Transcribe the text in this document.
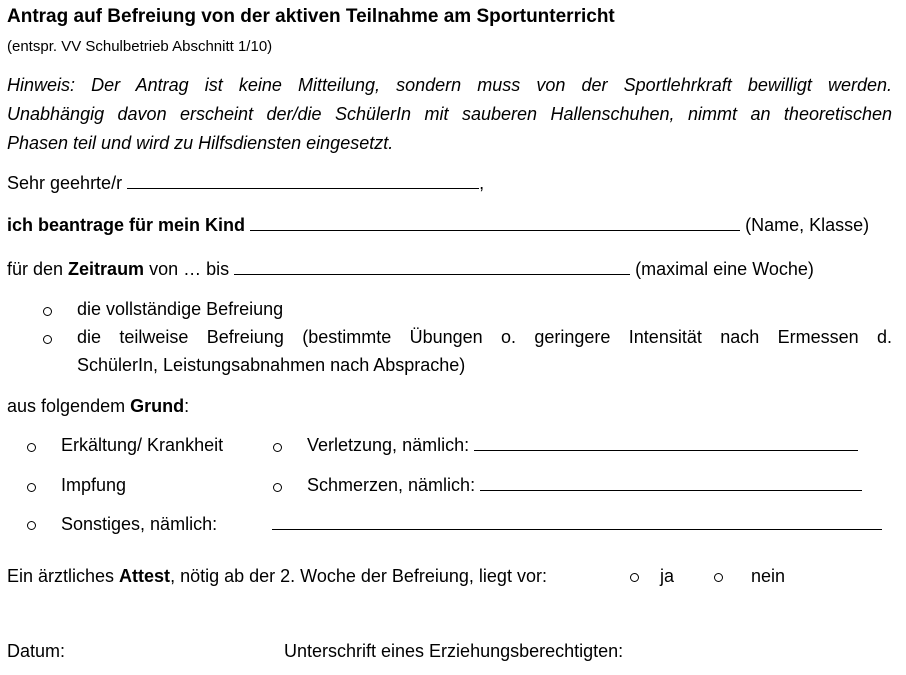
Antrag auf Befreiung von der aktiven Teilnahme am Sportunterricht
(entspr. VV Schulbetrieb Abschnitt 1/10)
Hinweis: Der Antrag ist keine Mitteilung, sondern muss von der Sportlehrkraft bewilligt werden.
Unabhängig davon erscheint der/die SchülerIn mit sauberen Hallenschuhen, nimmt an theoretischen
Phasen teil und wird zu Hilfsdiensten eingesetzt.
Sehr geehrte/r	,
ich beantrage für mein Kind	(Name, Klasse)
für den Zeitraum von … bis	(maximal eine Woche)
die vollständige Befreiung
die teilweise Befreiung (bestimmte Übungen o. geringere Intensität nach Ermessen d.
SchülerIn, Leistungsabnahmen nach Absprache)
aus folgendem Grund:
Erkältung/ Krankheit	Verletzung, nämlich:
Impfung	Schmerzen, nämlich:
Sonstiges, nämlich:
Ein ärztliches Attest, nötig ab der 2. Woche der Befreiung, liegt vor:	ja	nein
Datum:	Unterschrift eines Erziehungsberechtigten:
